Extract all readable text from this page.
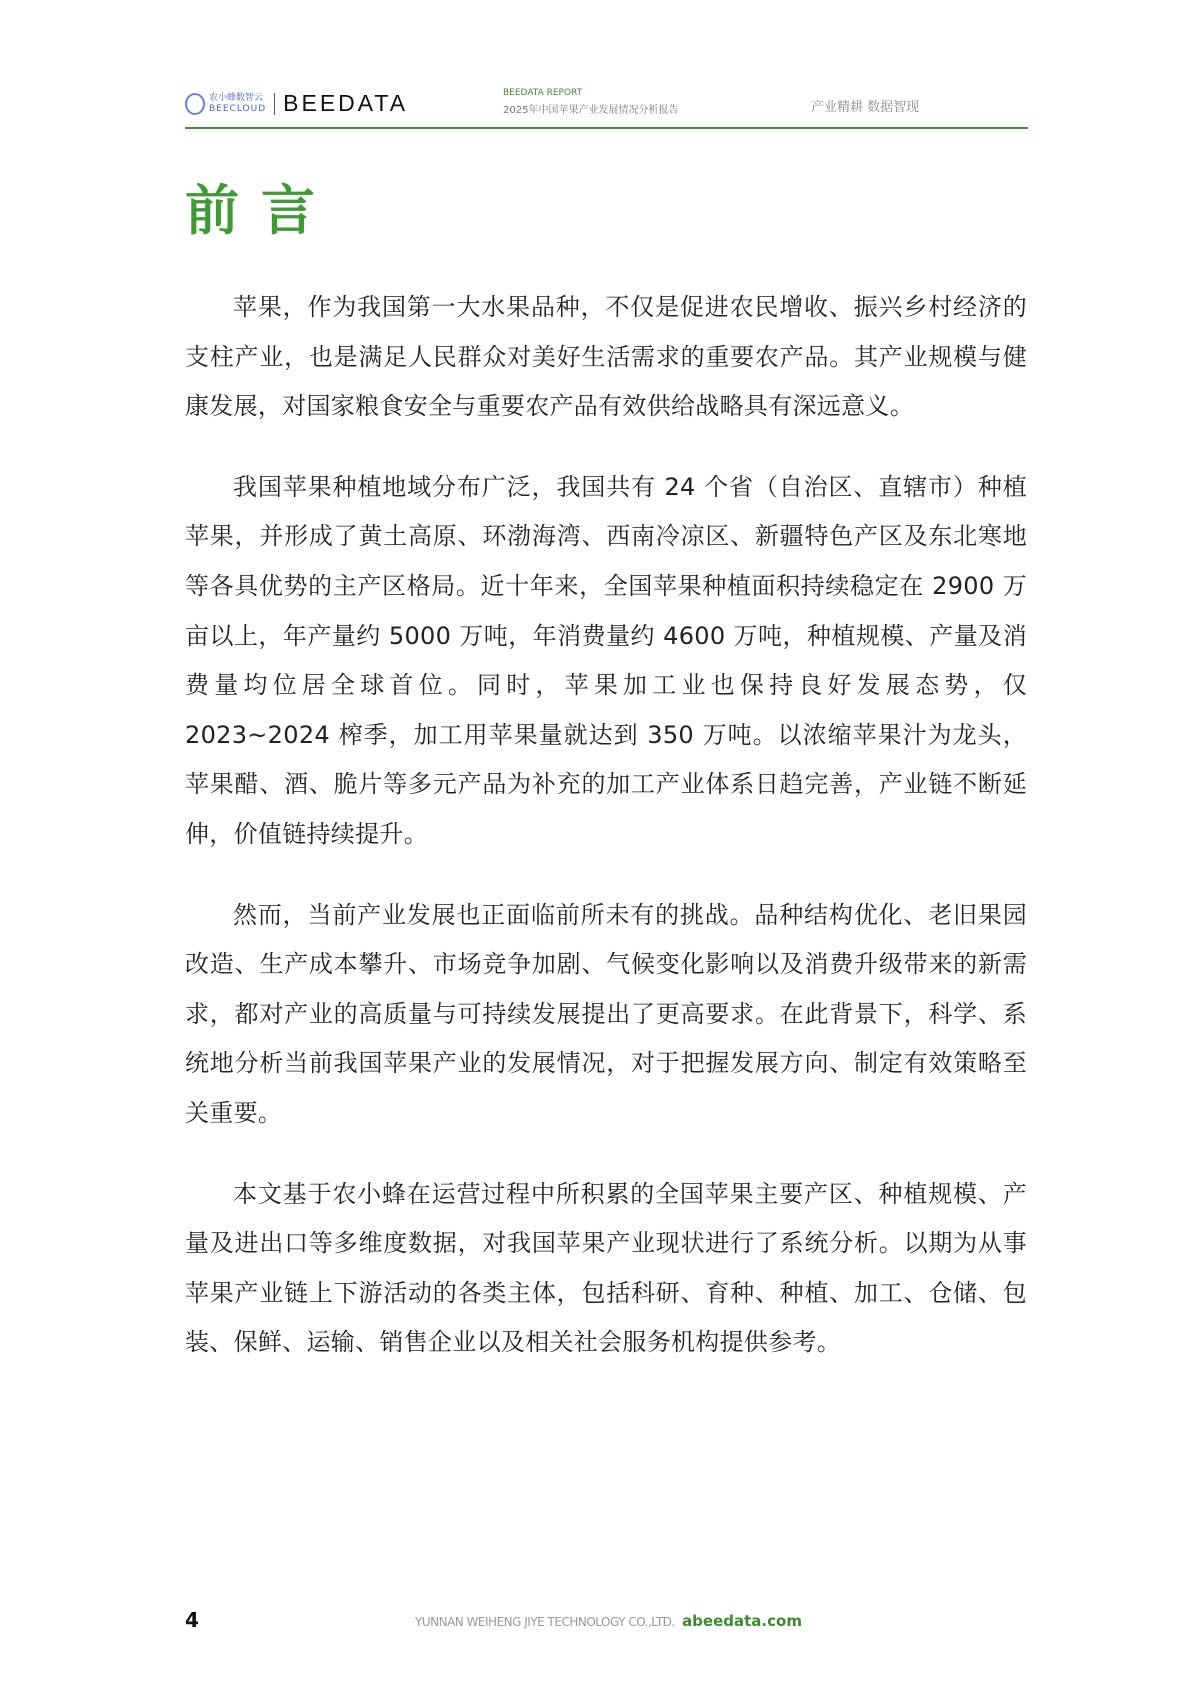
农小蜂数智云
BEECLOUD BEEDATA	BEEDATA REPORT
2025年中国苹果产业发展情况分析报告	产业精耕 数据智现
前言

苹果，作为我国第一大水果品种，不仅是促进农民增收、振兴乡村经济的支柱产业，也是满足人民群众对美好生活需求的重要农产品。其产业规模与健康发展，对国家粮食安全与重要农产品有效供给战略具有深远意义。

我国苹果种植地域分布广泛，我国共有 24 个省（自治区、直辖市）种植苹果，并形成了黄土高原、环渤海湾、西南冷凉区、新疆特色产区及东北寒地等各具优势的主产区格局。近十年来，全国苹果种植面积持续稳定在 2900 万亩以上，年产量约 5000 万吨，年消费量约 4600 万吨，种植规模、产量及消费量均位居全球首位。同时，苹果加工业也保持良好发展态势，仅 2023~2024 榨季，加工用苹果量就达到 350 万吨。以浓缩苹果汁为龙头，苹果醋、酒、脆片等多元产品为补充的加工产业体系日趋完善，产业链不断延伸，价值链持续提升。

然而，当前产业发展也正面临前所未有的挑战。品种结构优化、老旧果园改造、生产成本攀升、市场竞争加剧、气候变化影响以及消费升级带来的新需求，都对产业的高质量与可持续发展提出了更高要求。在此背景下，科学、系统地分析当前我国苹果产业的发展情况，对于把握发展方向、制定有效策略至关重要。

本文基于农小蜂在运营过程中所积累的全国苹果主要产区、种植规模、产量及进出口等多维度数据，对我国苹果产业现状进行了系统分析。以期为从事苹果产业链上下游活动的各类主体，包括科研、育种、种植、加工、仓储、包装、保鲜、运输、销售企业以及相关社会服务机构提供参考。

4	YUNNAN WEIHENG JIYE TECHNOLOGY CO.,LTD. abeedata.com
